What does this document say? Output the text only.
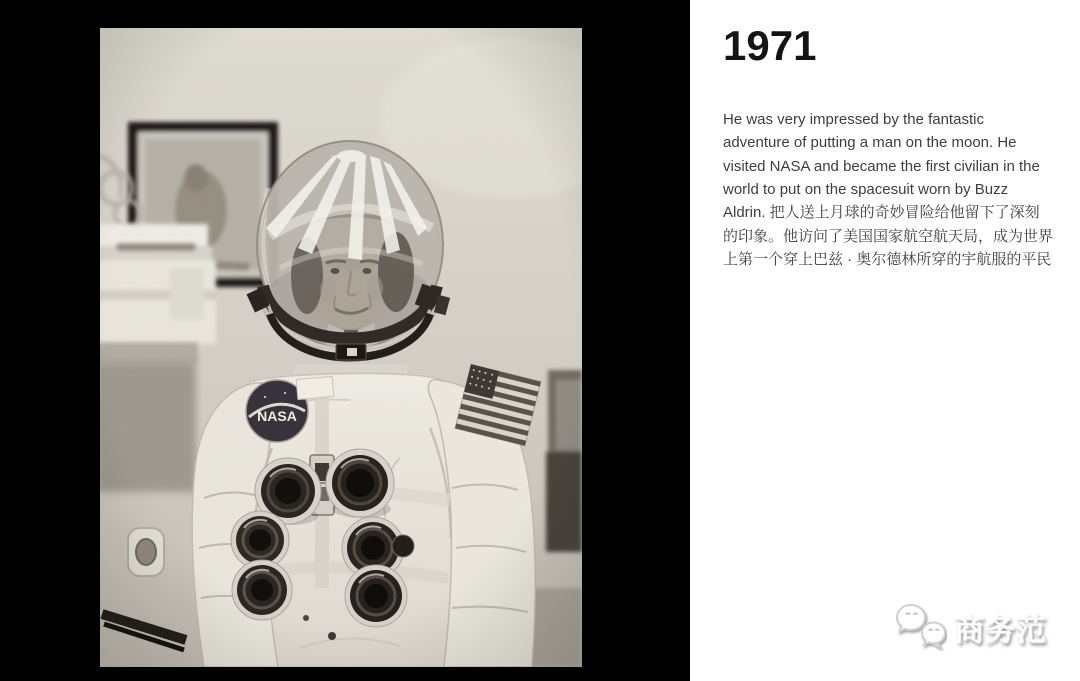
1971

He was very impressed by the fantastic adventure of putting a man on the moon. He visited NASA and became the first civilian in the world to put on the spacesuit worn by Buzz Aldrin. 把人送上月球的奇妙冒险给他留下了深刻的印象。他访问了美国国家航空航天局，成为世界上第一个穿上巴兹 · 奥尔德林所穿的宇航服的平民

商务范
